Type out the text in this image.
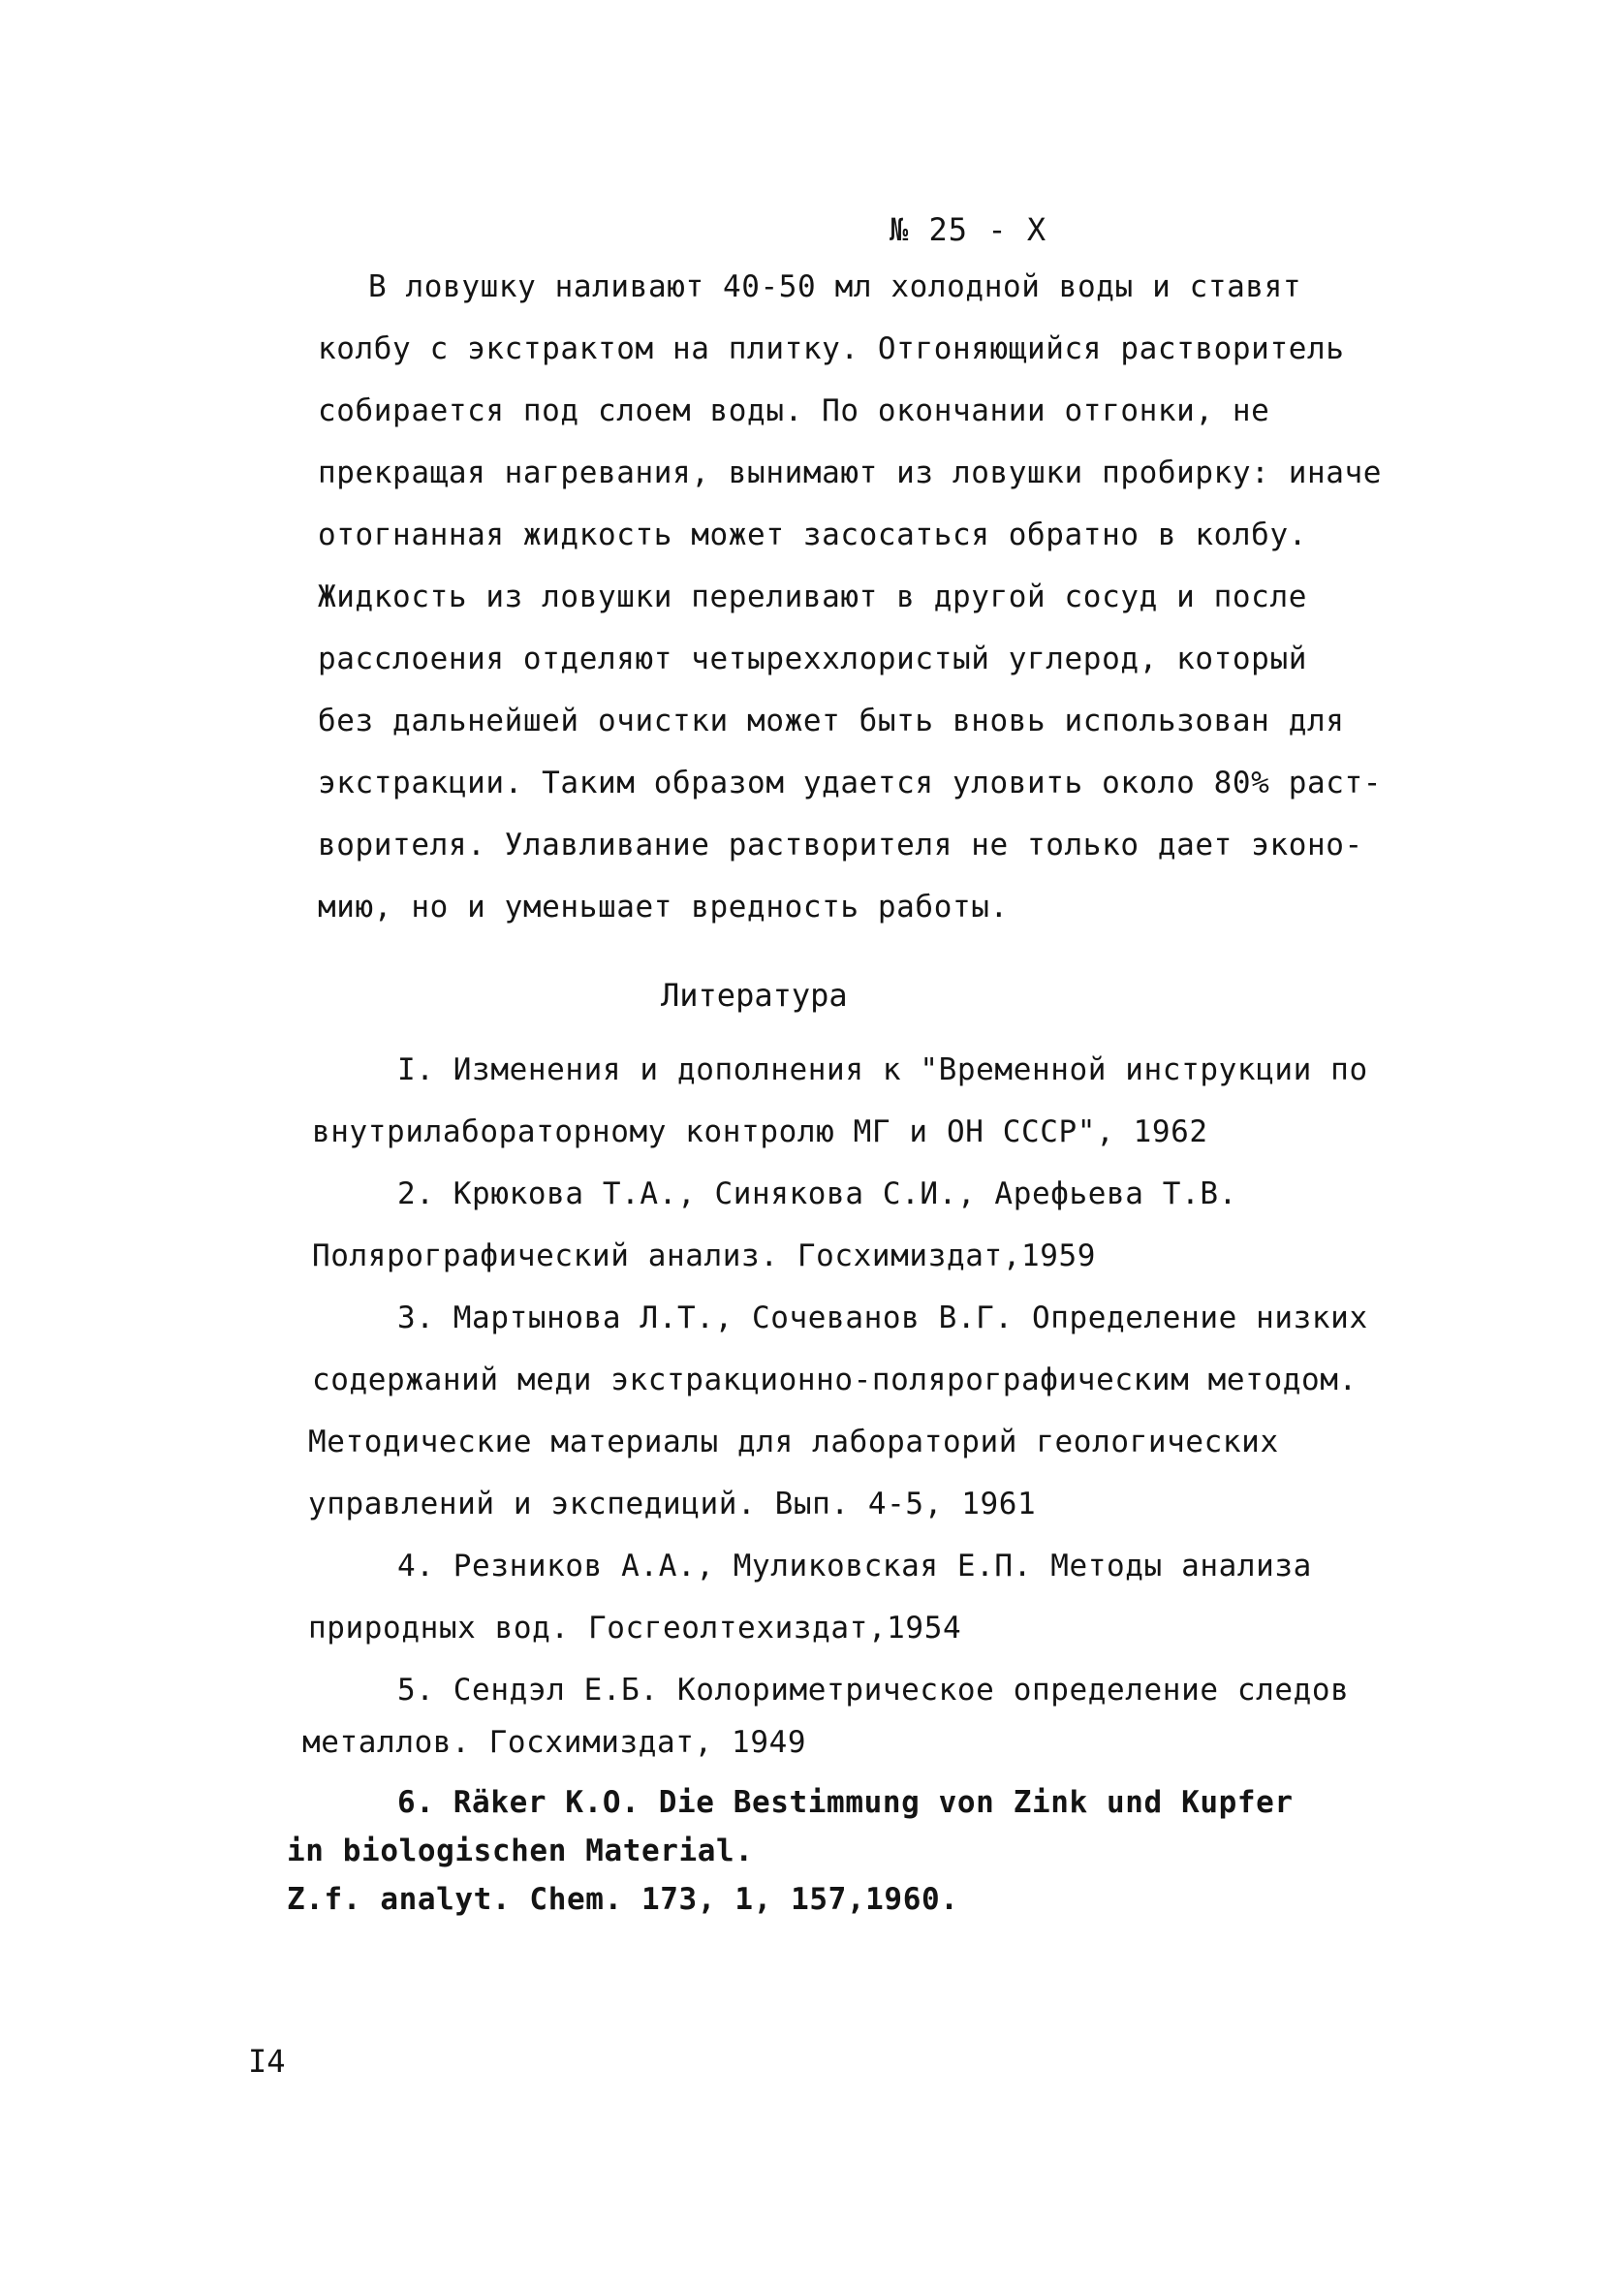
№ 25 - X
В ловушку наливают 40-50 мл холодной воды и ставят
колбу с экстрактом на плитку. Отгоняющийся растворитель
собирается под слоем воды. По окончании отгонки, не
прекращая нагревания, вынимают из ловушки пробирку: иначе
отогнанная жидкость может засосаться обратно в колбу.
Жидкость из ловушки переливают в другой сосуд и после
расслоения отделяют четыреххлористый углерод, который
без дальнейшей очистки может быть вновь использован для
экстракции. Таким образом удается уловить около 80% раст-
ворителя. Улавливание растворителя не только дает эконо-
мию, но и уменьшает вредность работы.
Литература
I. Изменения и дополнения к "Временной инструкции по
внутрилабораторному контролю МГ и ОН СССР", 1962
2. Крюкова Т.А., Синякова С.И., Арефьева Т.В.
Полярографический анализ. Госхимиздат,1959
3. Мартынова Л.Т., Сочеванов В.Г. Определение низких
содержаний меди экстракционно-полярографическим методом.
Методические материалы для лабораторий геологических
управлений и экспедиций. Вып. 4-5, 1961
4. Резников А.А., Муликовская Е.П. Методы анализа
природных вод. Госгеолтехиздат,1954
5. Сендэл Е.Б. Колориметрическое определение следов
металлов. Госхимиздат, 1949
6. Räker K.O. Die Bestimmung von Zink und Kupfer
in biologischen Material.
Z.f. analyt. Chem. 173, 1, 157,1960.
I4
